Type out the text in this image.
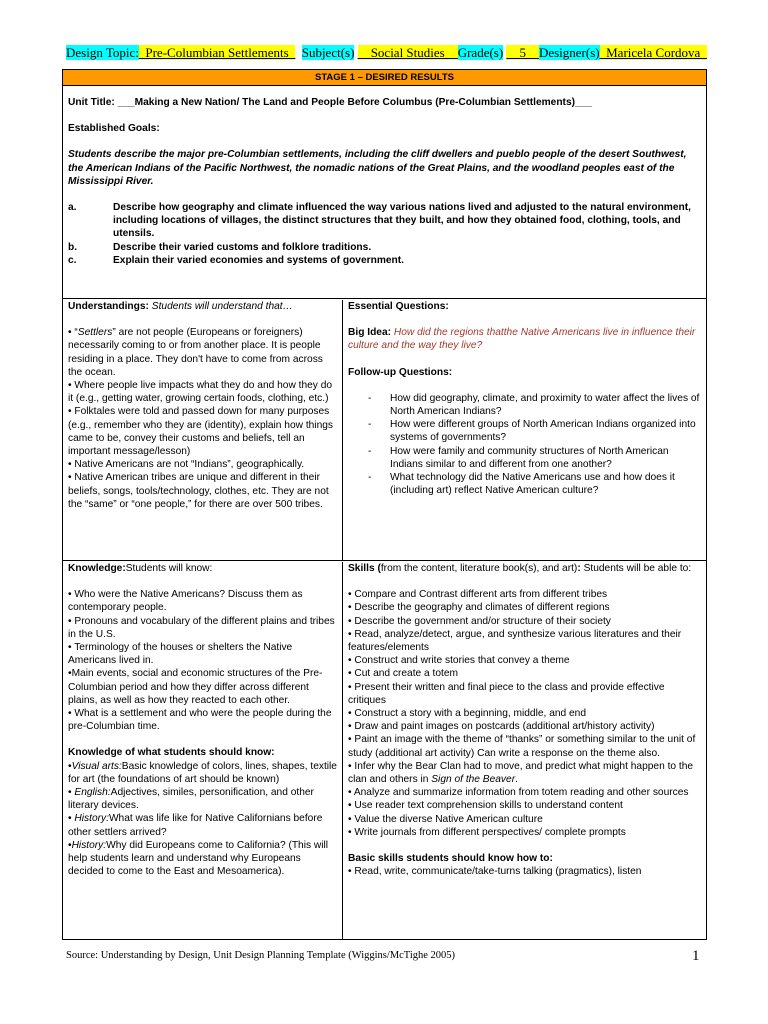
Design Topic:_Pre-Columbian Settlements_ Subject(s) __Social Studies__Grade(s) __5__Designer(s)_Maricela Cordova_
STAGE 1 – DESIRED RESULTS

Unit Title: ___Making a New Nation/ The Land and People Before Columbus (Pre-Columbian Settlements)___

Established Goals:

Students describe the major pre-Columbian settlements, including the cliff dwellers and pueblo people of the desert Southwest, the American Indians of the Pacific Northwest, the nomadic nations of the Great Plains, and the woodland peoples east of the Mississippi River.

a.	Describe how geography and climate influenced the way various nations lived and adjusted to the natural environment, including locations of villages, the distinct structures that they built, and how they obtained food, clothing, tools, and utensils.
b.	Describe their varied customs and folklore traditions.
c.	Explain their varied economies and systems of government.

Understandings: Students will understand that…

• “Settlers” are not people (Europeans or foreigners) necessarily coming to or from another place. It is people residing in a place. They don't have to come from across the ocean.

• Where people live impacts what they do and how they do it (e.g., getting water, growing certain foods, clothing, etc.)

• Folktales were told and passed down for many purposes (e.g., remember who they are (identity), explain how things came to be, convey their customs and beliefs, tell an important message/lesson)

• Native Americans are not “Indians”, geographically.

• Native American tribes are unique and different in their beliefs, songs, tools/technology, clothes, etc. They are not the “same” or “one people,” for there are over 500 tribes.

Essential Questions:

Big Idea: How did the regions thatthe Native Americans live in influence their culture and the way they live?

Follow-up Questions:

-	How did geography, climate, and proximity to water affect the lives of North American Indians?
-	How were different groups of North American Indians organized into systems of governments?
-	How were family and community structures of North American Indians similar to and different from one another?
-	What technology did the Native Americans use and how does it (including art) reflect Native American culture?

Knowledge:Students will know:

• Who were the Native Americans? Discuss them as contemporary people.

• Pronouns and vocabulary of the different plains and tribes in the U.S.

• Terminology of the houses or shelters the Native Americans lived in.

•Main events, social and economic structures of the Pre-Columbian period and how they differ across different plains, as well as how they reacted to each other.

• What is a settlement and who were the people during the pre-Columbian time.

Knowledge of what students should know:

•Visual arts:Basic knowledge of colors, lines, shapes, textile for art (the foundations of art should be known)

• English:Adjectives, similes, personification, and other literary devices.

• History:What was life like for Native Californians before other settlers arrived?

•History:Why did Europeans come to California? (This will help students learn and understand why Europeans decided to come to the East and Mesoamerica).

Skills (from the content, literature book(s), and art): Students will be able to:

• Compare and Contrast different arts from different tribes

• Describe the geography and climates of different regions

• Describe the government and/or structure of their society

• Read, analyze/detect, argue, and synthesize various literatures and their features/elements

• Construct and write stories that convey a theme

• Cut and create a totem

• Present their written and final piece to the class and provide effective critiques

• Construct a story with a beginning, middle, and end

• Draw and paint images on postcards (additional art/history activity)

• Paint an image with the theme of “thanks” or something similar to the unit of study (additional art activity) Can write a response on the theme also.

• Infer why the Bear Clan had to move, and predict what might happen to the clan and others in Sign of the Beaver.

• Analyze and summarize information from totem reading and other sources

• Use reader text comprehension skills to understand content

• Value the diverse Native American culture

• Write journals from different perspectives/ complete prompts

Basic skills students should know how to:

• Read, write, communicate/take-turns talking (pragmatics), listen

Source: Understanding by Design, Unit Design Planning Template (Wiggins/McTighe 2005)	1
